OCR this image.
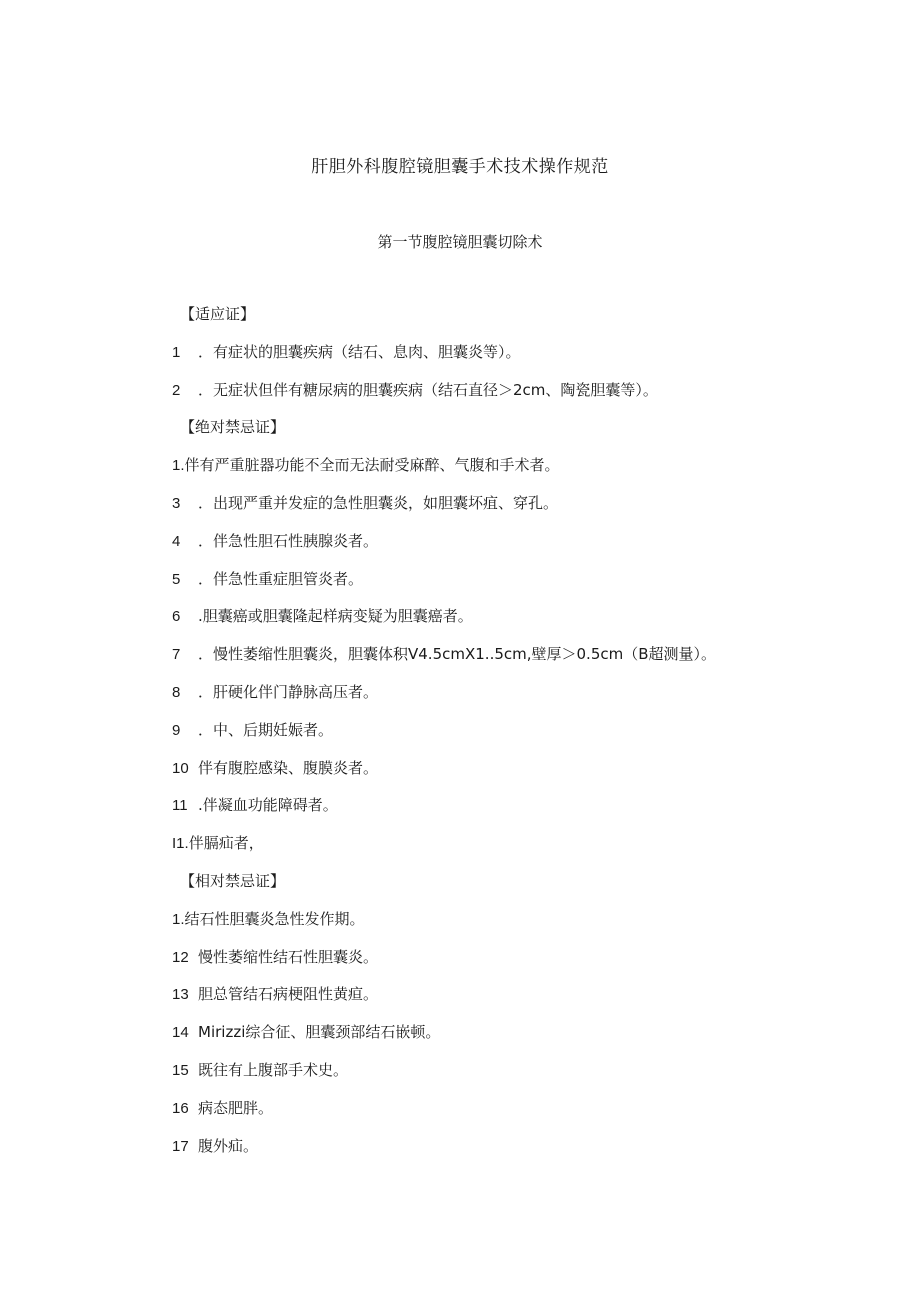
肝胆外科腹腔镜胆囊手术技术操作规范
第一节腹腔镜胆囊切除术
【适应证】
1 ．有症状的胆囊疾病（结石、息肉、胆囊炎等）。
2 ．无症状但伴有糖尿病的胆囊疾病（结石直径＞2cm、陶瓷胆囊等）。
【绝对禁忌证】
1.伴有严重脏器功能不全而无法耐受麻醉、气腹和手术者。
3 ．出现严重并发症的急性胆囊炎，如胆囊坏疽、穿孔。
4 ．伴急性胆石性胰腺炎者。
5 ．伴急性重症胆管炎者。
6 .胆囊癌或胆囊隆起样病变疑为胆囊癌者。
7 ．慢性萎缩性胆囊炎，胆囊体积V4.5cmX1..5cm,壁厚＞0.5cm（B超测量）。
8 ．肝硬化伴门静脉高压者。
9 ．中、后期妊娠者。
10 伴有腹腔感染、腹膜炎者。
11 .伴凝血功能障碍者。
I1.伴膈疝者，
【相对禁忌证】
1.结石性胆囊炎急性发作期。
12 慢性萎缩性结石性胆囊炎。
13 胆总管结石病梗阻性黄疸。
14 Mirizzi综合征、胆囊颈部结石嵌顿。
15 既往有上腹部手术史。
16 病态肥胖。
17 腹外疝。
